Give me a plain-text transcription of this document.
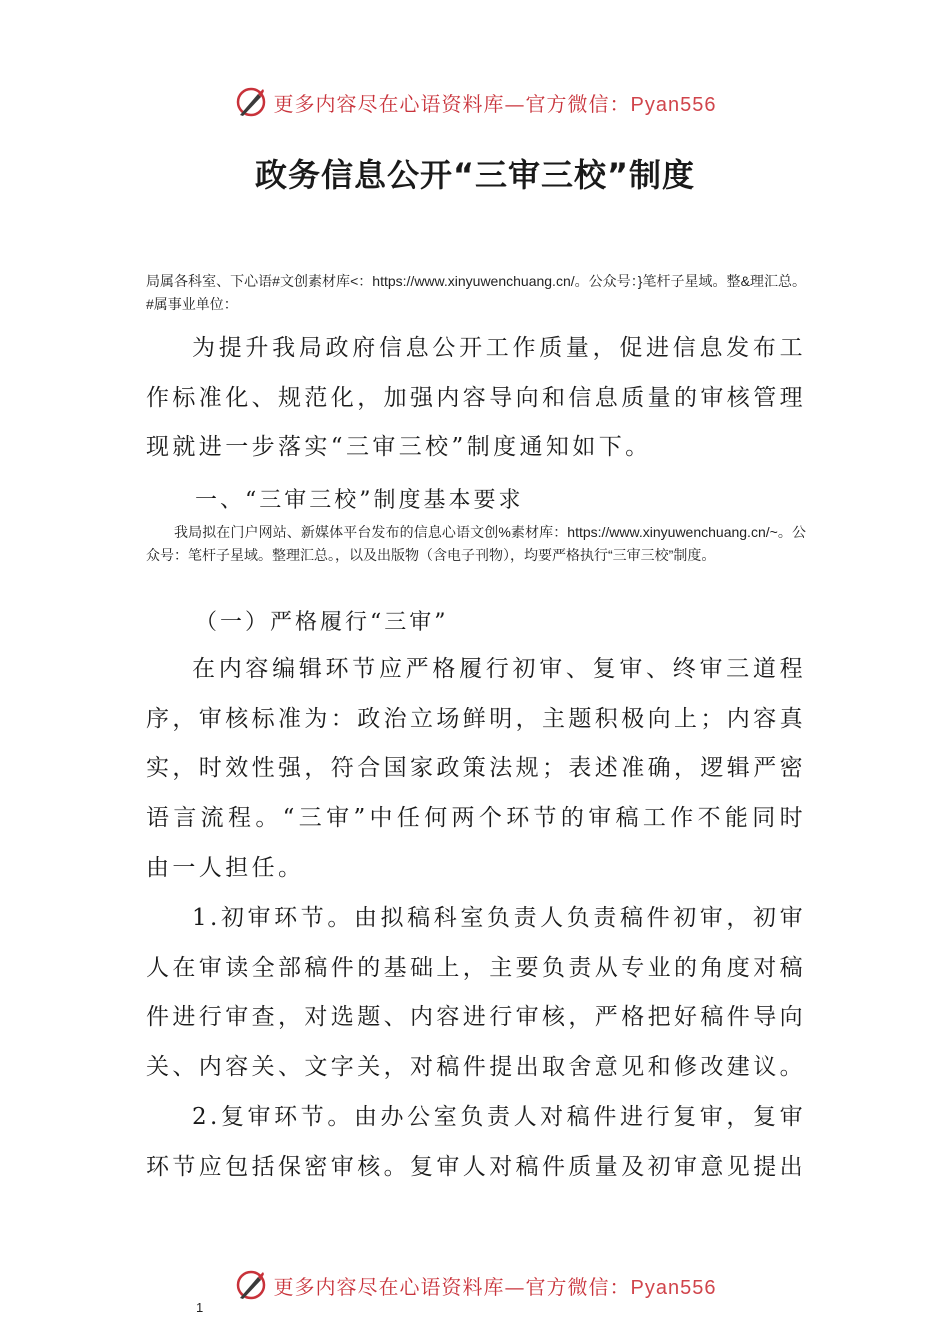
更多内容尽在心语资料库—官方微信：Pyan556
政务信息公开“三审三校”制度

局属各科室、下心语#文创素材库<：https://www.xinyuwenchuang.cn/。公众号：}笔杆子星域。整&理汇总。#属事业单位：

为提升我局政府信息公开工作质量，促进信息发布工作标准化、规范化，加强内容导向和信息质量的审核管理现就进一步落实“三审三校”制度通知如下。

一、“三审三校”制度基本要求

我局拟在门户网站、新媒体平台发布的信息心语文创%素材库：https://www.xinyuwenchuang.cn/~。公众号：笔杆子星域。整理汇总。，以及出版物（含电子刊物），均要严格执行“三审三校”制度。

（一）严格履行“三审”

在内容编辑环节应严格履行初审、复审、终审三道程序，审核标准为：政治立场鲜明，主题积极向上；内容真实，时效性强，符合国家政策法规；表述准确，逻辑严密语言流程。“三审”中任何两个环节的审稿工作不能同时由一人担任。

1.初审环节。由拟稿科室负责人负责稿件初审，初审人在审读全部稿件的基础上，主要负责从专业的角度对稿件进行审查，对选题、内容进行审核，严格把好稿件导向关、内容关、文字关，对稿件提出取舍意见和修改建议。

2.复审环节。由办公室负责人对稿件进行复审，复审环节应包括保密审核。复审人对稿件质量及初审意见提出

更多内容尽在心语资料库—官方微信：Pyan556
1
